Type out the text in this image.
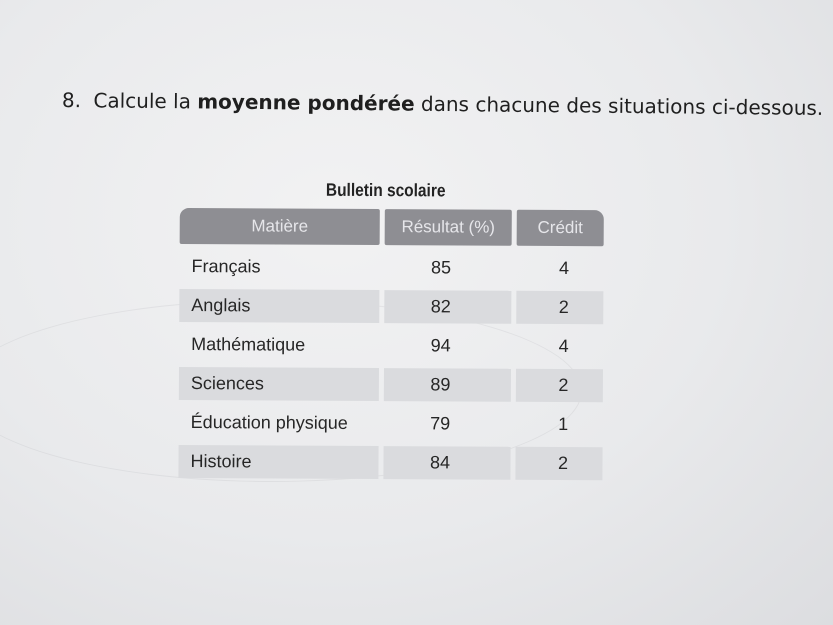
8. Calcule la moyenne pondérée dans chacune des situations ci-dessous.
Bulletin scolaire
Matière	Résultat (%)	Crédit
Français	85	4
Anglais	82	2
Mathématique	94	4
Sciences	89	2
Éducation physique	79	1
Histoire	84	2
